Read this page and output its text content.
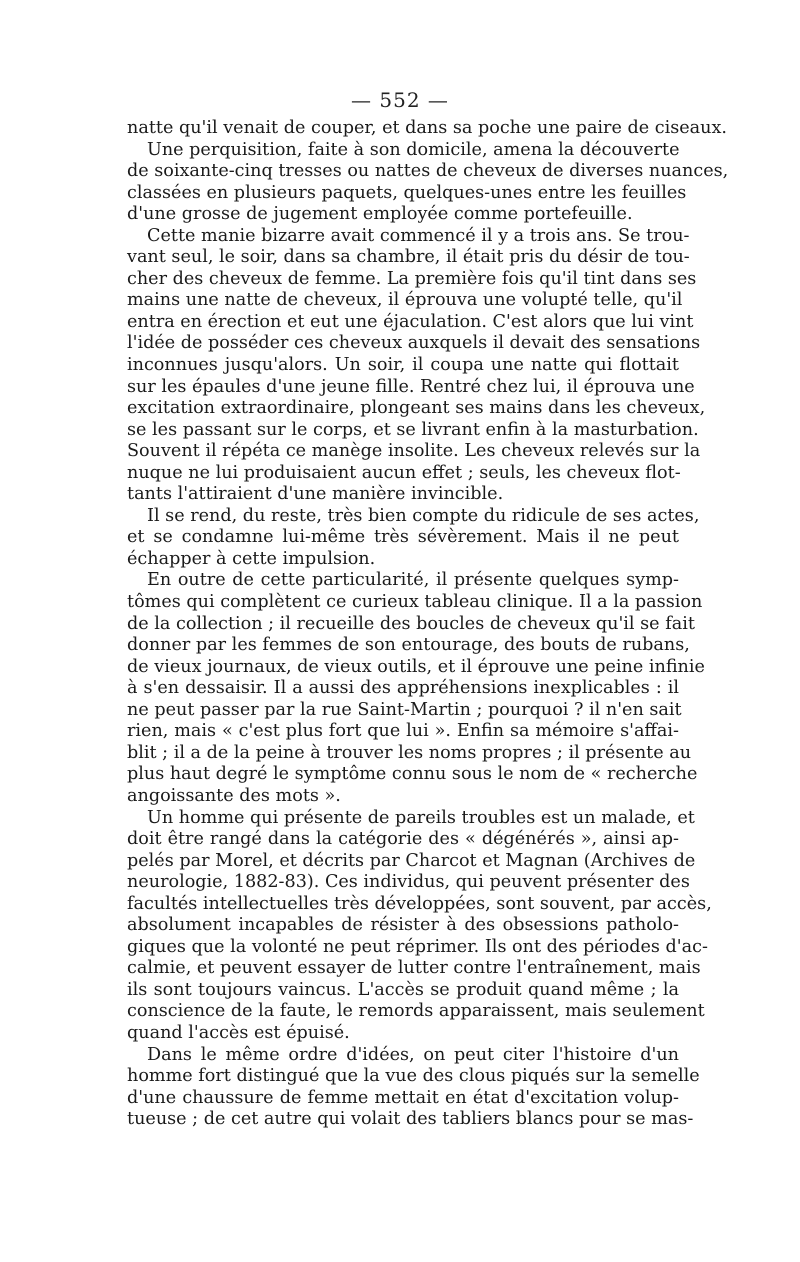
— 552 —
natte qu'il venait de couper, et dans sa poche une paire de ciseaux.
Une perquisition, faite à son domicile, amena la découverte
de soixante-cinq tresses ou nattes de cheveux de diverses nuances,
classées en plusieurs paquets, quelques-unes entre les feuilles
d'une grosse de jugement employée comme portefeuille.
Cette manie bizarre avait commencé il y a trois ans. Se trou-
vant seul, le soir, dans sa chambre, il était pris du désir de tou-
cher des cheveux de femme. La première fois qu'il tint dans ses
mains une natte de cheveux, il éprouva une volupté telle, qu'il
entra en érection et eut une éjaculation. C'est alors que lui vint
l'idée de posséder ces cheveux auxquels il devait des sensations
inconnues jusqu'alors. Un soir, il coupa une natte qui flottait
sur les épaules d'une jeune fille. Rentré chez lui, il éprouva une
excitation extraordinaire, plongeant ses mains dans les cheveux,
se les passant sur le corps, et se livrant enfin à la masturbation.
Souvent il répéta ce manège insolite. Les cheveux relevés sur la
nuque ne lui produisaient aucun effet ; seuls, les cheveux flot-
tants l'attiraient d'une manière invincible.
Il se rend, du reste, très bien compte du ridicule de ses actes,
et se condamne lui-même très sévèrement. Mais il ne peut
échapper à cette impulsion.
En outre de cette particularité, il présente quelques symp-
tômes qui complètent ce curieux tableau clinique. Il a la passion
de la collection ; il recueille des boucles de cheveux qu'il se fait
donner par les femmes de son entourage, des bouts de rubans,
de vieux journaux, de vieux outils, et il éprouve une peine infinie
à s'en dessaisir. Il a aussi des appréhensions inexplicables : il
ne peut passer par la rue Saint-Martin ; pourquoi ? il n'en sait
rien, mais « c'est plus fort que lui ». Enfin sa mémoire s'affai-
blit ; il a de la peine à trouver les noms propres ; il présente au
plus haut degré le symptôme connu sous le nom de « recherche
angoissante des mots ».
Un homme qui présente de pareils troubles est un malade, et
doit être rangé dans la catégorie des « dégénérés », ainsi ap-
pelés par Morel, et décrits par Charcot et Magnan (Archives de
neurologie, 1882-83). Ces individus, qui peuvent présenter des
facultés intellectuelles très développées, sont souvent, par accès,
absolument incapables de résister à des obsessions patholo-
giques que la volonté ne peut réprimer. Ils ont des périodes d'ac-
calmie, et peuvent essayer de lutter contre l'entraînement, mais
ils sont toujours vaincus. L'accès se produit quand même ; la
conscience de la faute, le remords apparaissent, mais seulement
quand l'accès est épuisé.
Dans le même ordre d'idées, on peut citer l'histoire d'un
homme fort distingué que la vue des clous piqués sur la semelle
d'une chaussure de femme mettait en état d'excitation volup-
tueuse ; de cet autre qui volait des tabliers blancs pour se mas-
